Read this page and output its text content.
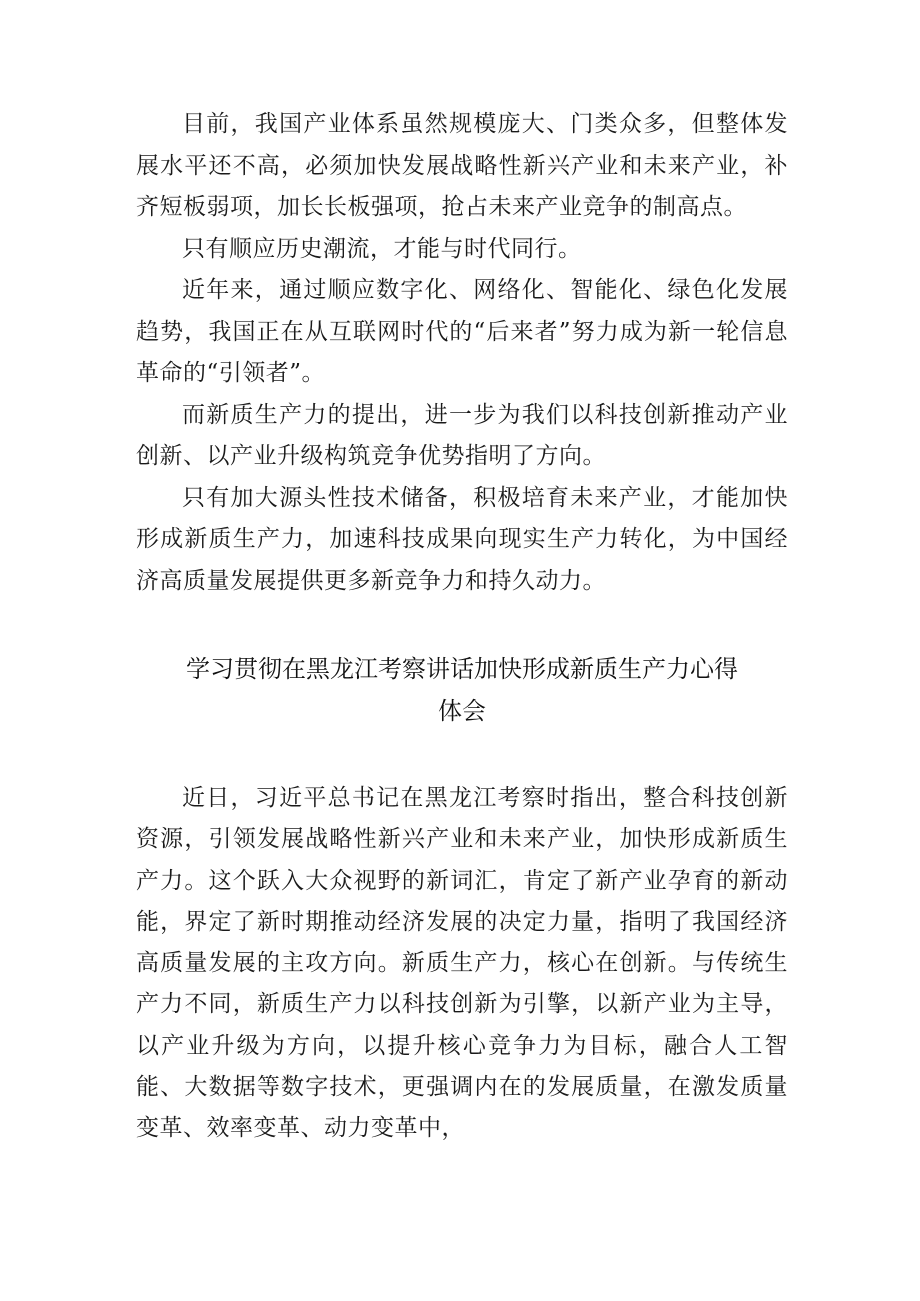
目前，我国产业体系虽然规模庞大、门类众多，但整体发展水平还不高，必须加快发展战略性新兴产业和未来产业，补齐短板弱项，加长长板强项，抢占未来产业竞争的制高点。

只有顺应历史潮流，才能与时代同行。

近年来，通过顺应数字化、网络化、智能化、绿色化发展趋势，我国正在从互联网时代的“后来者”努力成为新一轮信息革命的“引领者”。

而新质生产力的提出，进一步为我们以科技创新推动产业创新、以产业升级构筑竞争优势指明了方向。

只有加大源头性技术储备，积极培育未来产业，才能加快形成新质生产力，加速科技成果向现实生产力转化，为中国经济高质量发展提供更多新竞争力和持久动力。

学习贯彻在黑龙江考察讲话加快形成新质生产力心得
体会

近日，习近平总书记在黑龙江考察时指出，整合科技创新资源，引领发展战略性新兴产业和未来产业，加快形成新质生产力。这个跃入大众视野的新词汇，肯定了新产业孕育的新动能，界定了新时期推动经济发展的决定力量，指明了我国经济高质量发展的主攻方向。新质生产力，核心在创新。与传统生产力不同，新质生产力以科技创新为引擎，以新产业为主导，以产业升级为方向，以提升核心竞争力为目标，融合人工智能、大数据等数字技术，更强调内在的发展质量，在激发质量变革、效率变革、动力变革中，
